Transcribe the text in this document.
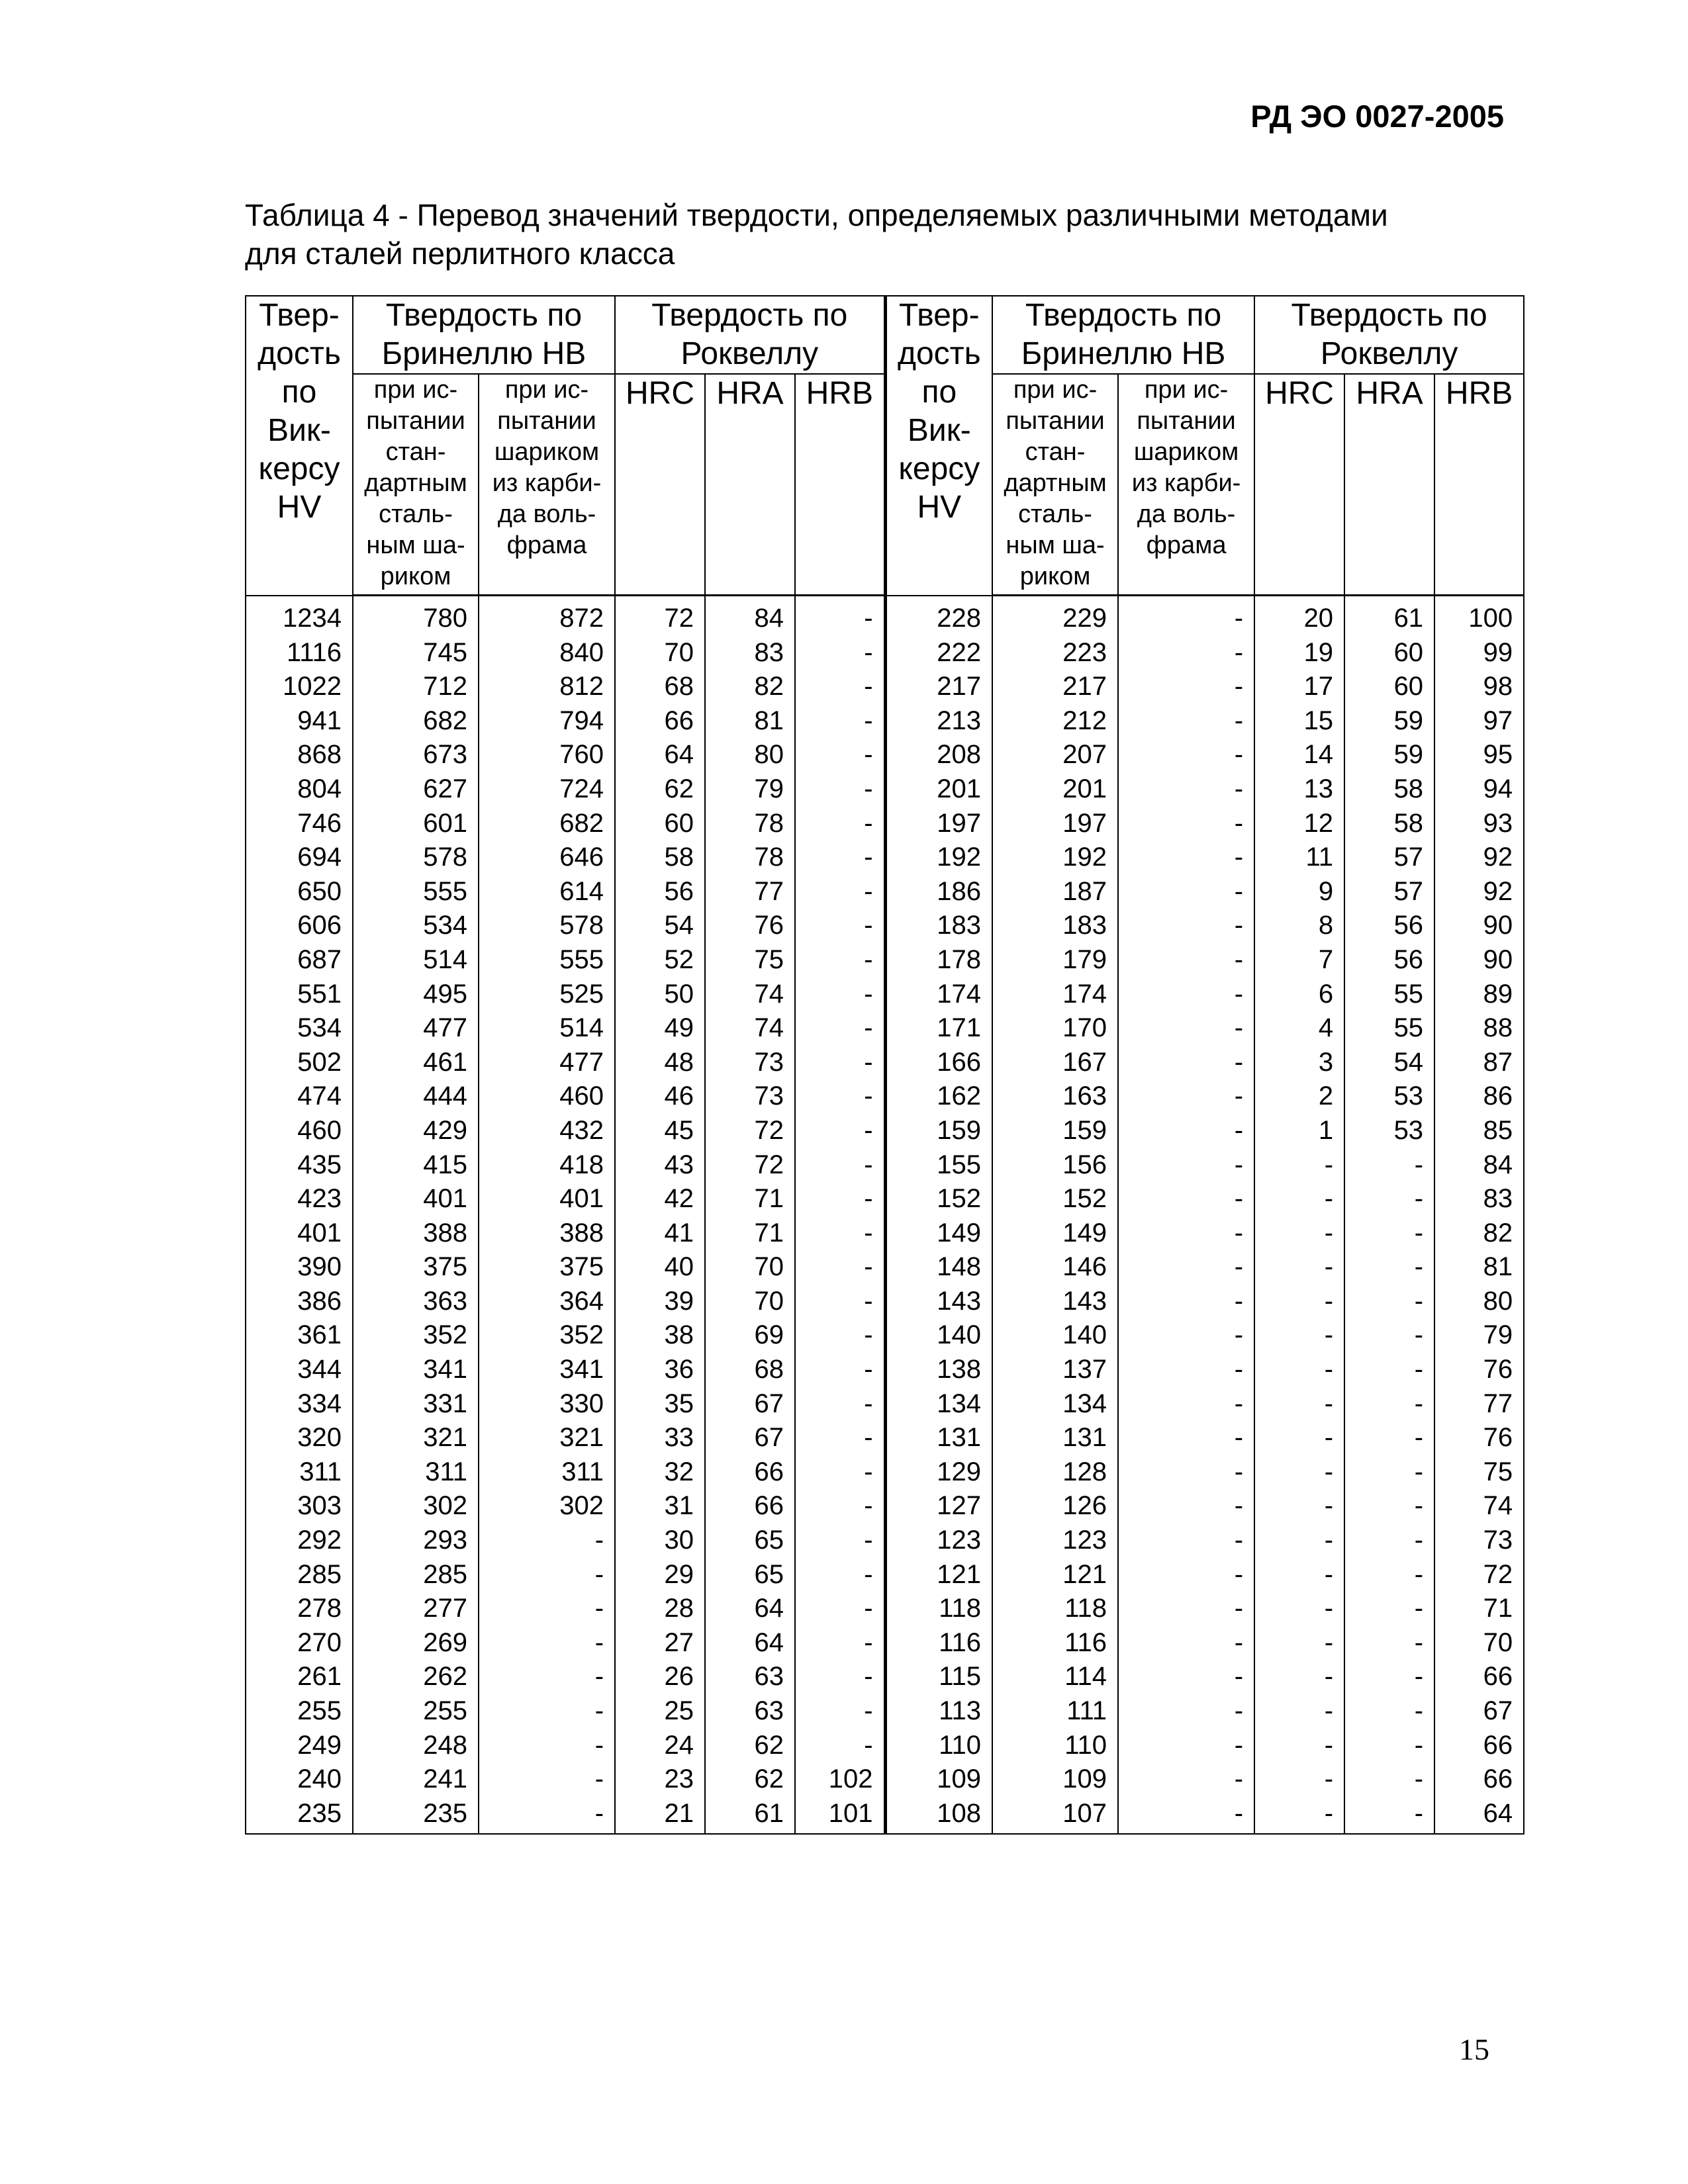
РД ЭО 0027-2005
Таблица 4 - Перевод значений твердости, определяемых различными методами
для сталей перлитного класса
Твер-дость по Вик-керсу HV	Твердость по Бринеллю НВ		Твердость по Роквеллу			Твер-дость по Вик-керсу HV	Твердость по Бринеллю НВ		Твердость по Роквеллу		
	при ис-пытании стан-дартным сталь-ным ша-риком	при ис-пытании шариком из карби-да воль-фрама	HRC	HRA	HRB		при ис-пытании стан-дартным сталь-ным ша-риком	при ис-пытании шариком из карби-да воль-фрама	HRC	HRA	HRB
1234	780	872	72	84	-	228	229	-	20	61	100
1116	745	840	70	83	-	222	223	-	19	60	99
1022	712	812	68	82	-	217	217	-	17	60	98
941	682	794	66	81	-	213	212	-	15	59	97
868	673	760	64	80	-	208	207	-	14	59	95
804	627	724	62	79	-	201	201	-	13	58	94
746	601	682	60	78	-	197	197	-	12	58	93
694	578	646	58	78	-	192	192	-	11	57	92
650	555	614	56	77	-	186	187	-	9	57	92
606	534	578	54	76	-	183	183	-	8	56	90
687	514	555	52	75	-	178	179	-	7	56	90
551	495	525	50	74	-	174	174	-	6	55	89
534	477	514	49	74	-	171	170	-	4	55	88
502	461	477	48	73	-	166	167	-	3	54	87
474	444	460	46	73	-	162	163	-	2	53	86
460	429	432	45	72	-	159	159	-	1	53	85
435	415	418	43	72	-	155	156	-	-	-	84
423	401	401	42	71	-	152	152	-	-	-	83
401	388	388	41	71	-	149	149	-	-	-	82
390	375	375	40	70	-	148	146	-	-	-	81
386	363	364	39	70	-	143	143	-	-	-	80
361	352	352	38	69	-	140	140	-	-	-	79
344	341	341	36	68	-	138	137	-	-	-	76
334	331	330	35	67	-	134	134	-	-	-	77
320	321	321	33	67	-	131	131	-	-	-	76
311	311	311	32	66	-	129	128	-	-	-	75
303	302	302	31	66	-	127	126	-	-	-	74
292	293	-	30	65	-	123	123	-	-	-	73
285	285	-	29	65	-	121	121	-	-	-	72
278	277	-	28	64	-	118	118	-	-	-	71
270	269	-	27	64	-	116	116	-	-	-	70
261	262	-	26	63	-	115	114	-	-	-	66
255	255	-	25	63	-	113	111	-	-	-	67
249	248	-	24	62	-	110	110	-	-	-	66
240	241	-	23	62	102	109	109	-	-	-	66
235	235	-	21	61	101	108	107	-	-	-	64
15
